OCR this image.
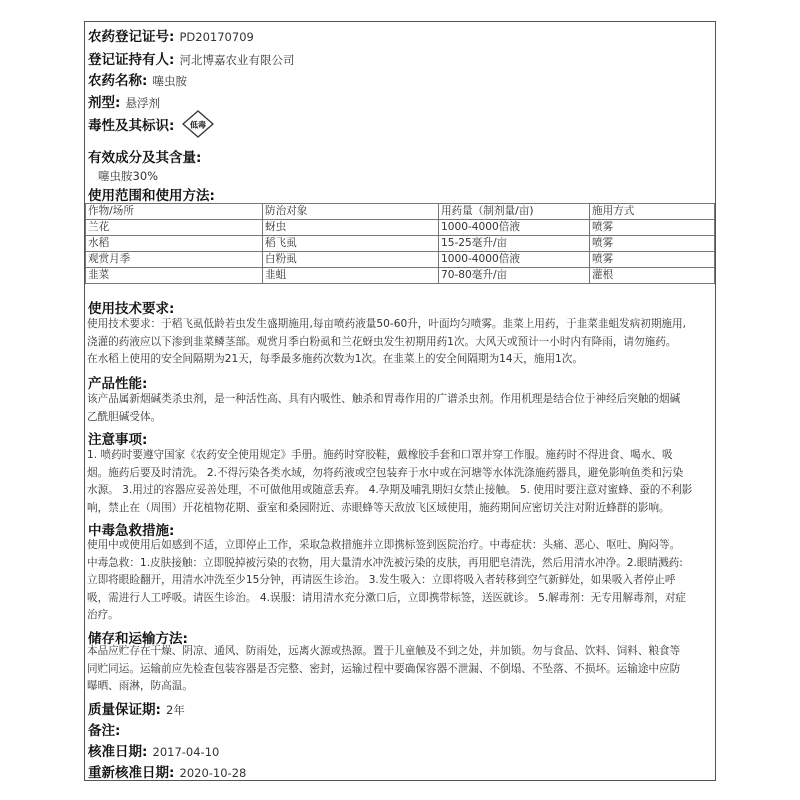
农药登记证号: PD20170709
登记证持有人: 河北博嘉农业有限公司
农药名称: 噻虫胺
剂型: 悬浮剂
毒性及其标识:	低毒
有效成分及其含量:
噻虫胺30%
使用范围和使用方法:
作物/场所	防治对象	用药量（制剂量/亩)	施用方式
兰花	蚜虫	1000-4000倍液	喷雾
水稻	稻飞虱	15-25毫升/亩	喷雾
观赏月季	白粉虱	1000-4000倍液	喷雾
韭菜	韭蛆	70-80毫升/亩	灌根
使用技术要求:
使用技术要求：于稻飞虱低龄若虫发生盛期施用,每亩喷药液量50-60升，叶面均匀喷雾。韭菜上用药，于韭菜韭蛆发病初期施用,
浇灌的药液应以下渗到韭菜鳞茎部。观赏月季白粉虱和兰花蚜虫发生初期用药1次。大风天或预计一小时内有降雨，请勿施药。
在水稻上使用的安全间隔期为21天，每季最多施药次数为1次。在韭菜上的安全间隔期为14天，施用1次。
产品性能:
该产品属新烟碱类杀虫剂，是一种活性高、具有内吸性、触杀和胃毒作用的广谱杀虫剂。作用机理是结合位于神经后突触的烟碱
乙酰胆碱受体。
注意事项:
1. 喷药时要遵守国家《农药安全使用规定》手册。施药时穿胶鞋，戴橡胶手套和口罩并穿工作服。施药时不得进食、喝水、吸
烟。施药后要及时清洗。 2.不得污染各类水域，勿将药液或空包装弃于水中或在河塘等水体洗涤施药器具，避免影响鱼类和污染
水源。 3.用过的容器应妥善处理，不可做他用或随意丢弃。 4.孕期及哺乳期妇女禁止接触。 5. 使用时要注意对蜜蜂、蚕的不利影
响，禁止在（周围）开花植物花期、蚕室和桑园附近、赤眼蜂等天敌放飞区域使用，施药期间应密切关注对附近蜂群的影响。
中毒急救措施:
使用中或使用后如感到不适，立即停止工作，采取急救措施并立即携标签到医院治疗。中毒症状：头痛、恶心、呕吐、胸闷等。
中毒急救：1.皮肤接触：立即脱掉被污染的衣物，用大量清水冲洗被污染的皮肤，再用肥皂清洗，然后用清水冲净。2.眼睛溅药:
立即将眼睑翻开，用清水冲洗至少15分钟，再请医生诊治。 3.发生吸入：立即将吸入者转移到空气新鲜处，如果吸入者停止呼
吸，需进行人工呼吸。请医生诊治。 4.误服：请用清水充分漱口后，立即携带标签，送医就诊。 5.解毒剂：无专用解毒剂，对症
治疗。
储存和运输方法:
本品应贮存在干燥、阴凉、通风、防雨处，远离火源或热源。置于儿童触及不到之处，并加锁。勿与食品、饮料、饲料、粮食等
同贮同运。运输前应先检查包装容器是否完整、密封，运输过程中要确保容器不泄漏、不倒塌、不坠落、不损坏。运输途中应防
曝晒、雨淋，防高温。
质量保证期: 2年
备注:
核准日期: 2017-04-10
重新核准日期: 2020-10-28
